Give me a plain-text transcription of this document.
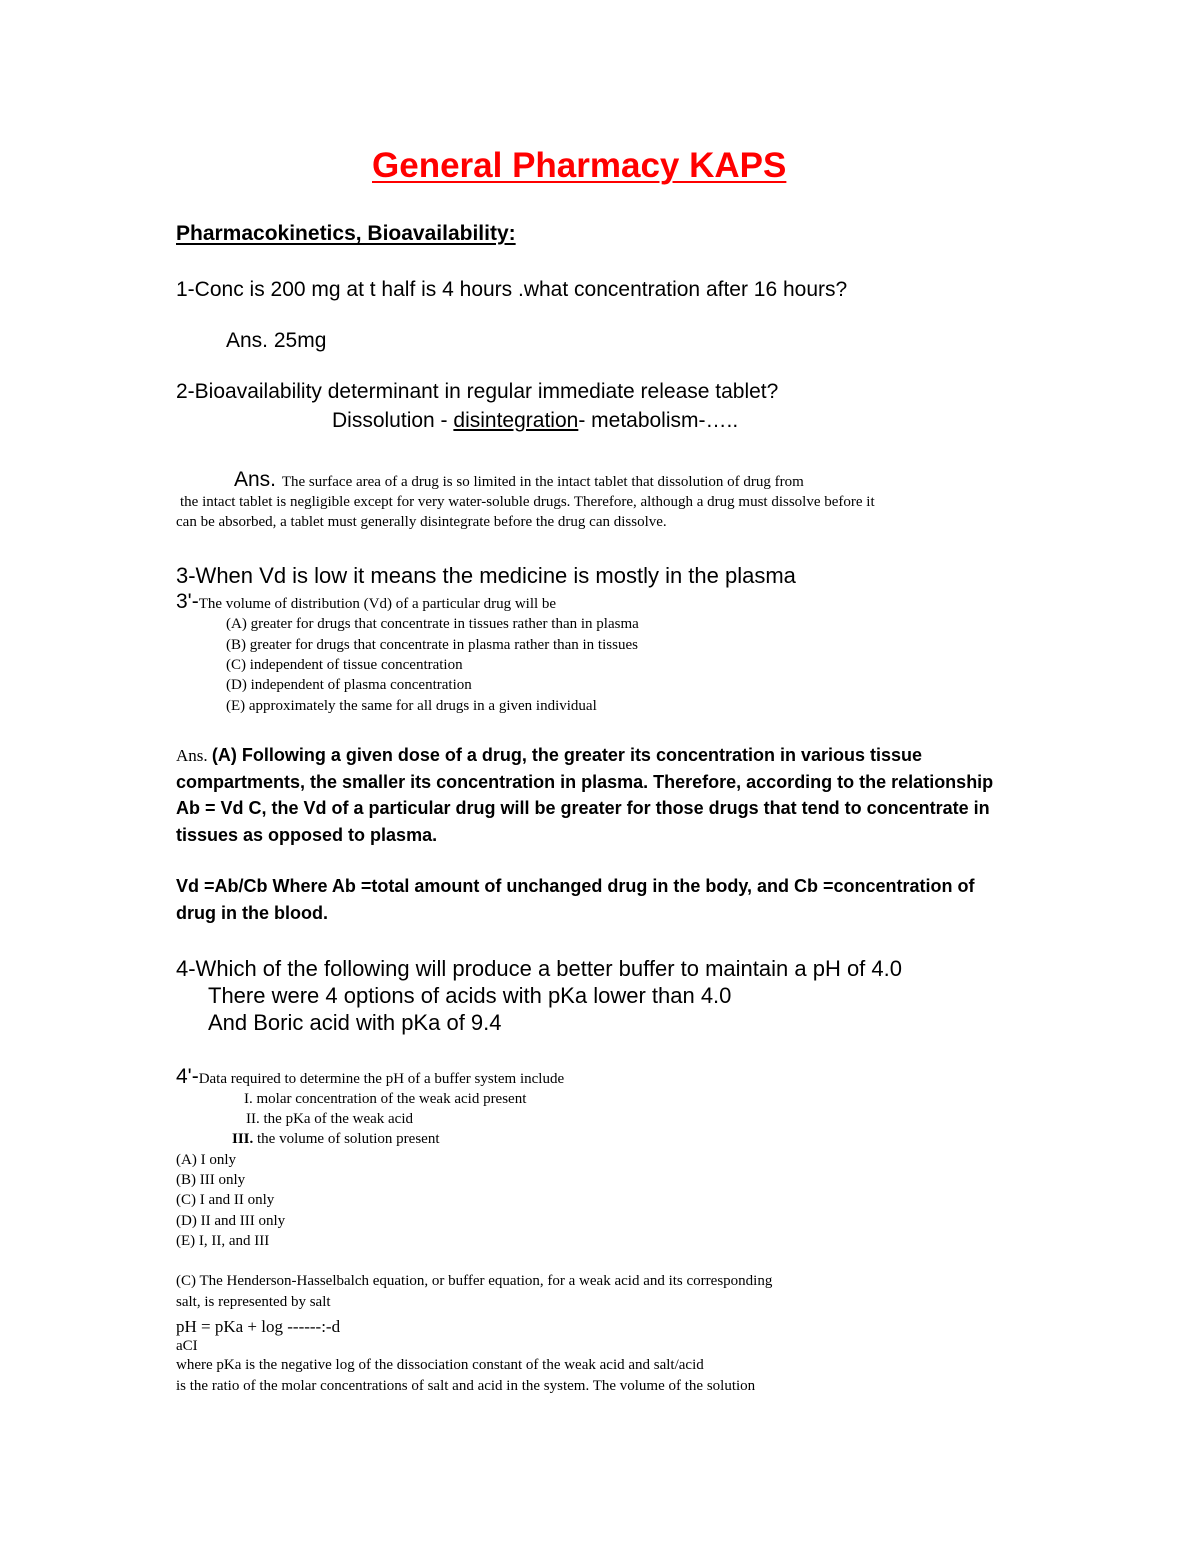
General Pharmacy KAPS
Pharmacokinetics, Bioavailability:

1-Conc is 200 mg at t half is 4 hours .what concentration after 16 hours?

Ans. 25mg

2-Bioavailability determinant in regular immediate release tablet?

Dissolution - disintegration- metabolism-…..

Ans. The surface area of a drug is so limited in the intact tablet that dissolution of drug from

the intact tablet is negligible except for very water-soluble drugs. Therefore, although a drug must dissolve before it

can be absorbed, a tablet must generally disintegrate before the drug can dissolve.

3-When Vd is low it means the medicine is mostly in the plasma

3'-The volume of distribution (Vd) of a particular drug will be

(A) greater for drugs that concentrate in tissues rather than in plasma

(B) greater for drugs that concentrate in plasma rather than in tissues

(C) independent of tissue concentration

(D) independent of plasma concentration

(E) approximately the same for all drugs in a given individual

Ans. (A) Following a given dose of a drug, the greater its concentration in various tissue

compartments, the smaller its concentration in plasma. Therefore, according to the relationship

Ab = Vd C, the Vd of a particular drug will be greater for those drugs that tend to concentrate in

tissues as opposed to plasma.

Vd =Ab/Cb Where Ab =total amount of unchanged drug in the body, and Cb =concentration of

drug in the blood.

4-Which of the following will produce a better buffer to maintain a pH of 4.0

There were 4 options of acids with pKa lower than 4.0

And Boric acid with pKa of 9.4

4'-Data required to determine the pH of a buffer system include

I. molar concentration of the weak acid present

II. the pKa of the weak acid

III. the volume of solution present

(A) I only

(B) III only

(C) I and II only

(D) II and III only

(E) I, II, and III

(C) The Henderson-Hasselbalch equation, or buffer equation, for a weak acid and its corresponding

salt, is represented by salt

pH = pKa + log ------:-d

aCI

where pKa is the negative log of the dissociation constant of the weak acid and salt/acid

is the ratio of the molar concentrations of salt and acid in the system. The volume of the solution
